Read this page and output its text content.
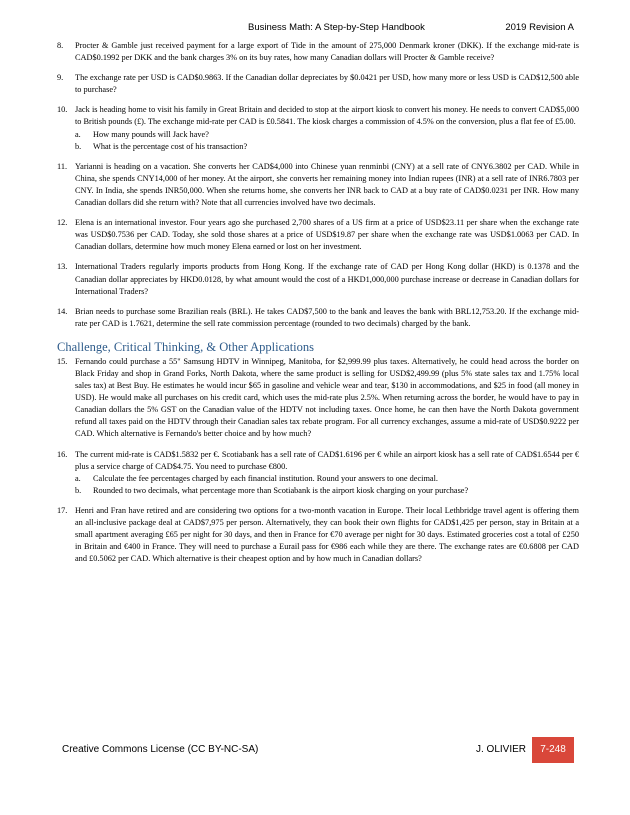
Business Math: A Step-by-Step Handbook	2019 Revision A
8.	Procter & Gamble just received payment for a large export of Tide in the amount of 275,000 Denmark kroner (DKK). If the exchange mid-rate is CAD$0.1992 per DKK and the bank charges 3% on its buy rates, how many Canadian dollars will Procter & Gamble receive?
9.	The exchange rate per USD is CAD$0.9863. If the Canadian dollar depreciates by $0.0421 per USD, how many more or less USD is CAD$12,500 able to purchase?
10. Jack is heading home to visit his family in Great Britain and decided to stop at the airport kiosk to convert his money. He needs to convert CAD$5,000 to British pounds (£). The exchange mid-rate per CAD is £0.5841. The kiosk charges a commission of 4.5% on the conversion, plus a flat fee of £5.00.
a.	How many pounds will Jack have?
b.	What is the percentage cost of his transaction?
11. Yarianni is heading on a vacation. She converts her CAD$4,000 into Chinese yuan renminbi (CNY) at a sell rate of CNY6.3802 per CAD. While in China, she spends CNY14,000 of her money. At the airport, she converts her remaining money into Indian rupees (INR) at a sell rate of INR6.7803 per CNY. In India, she spends INR50,000. When she returns home, she converts her INR back to CAD at a buy rate of CAD$0.0231 per INR. How many Canadian dollars did she return with? Note that all currencies involved have two decimals.
12. Elena is an international investor. Four years ago she purchased 2,700 shares of a US firm at a price of USD$23.11 per share when the exchange rate was USD$0.7536 per CAD. Today, she sold those shares at a price of USD$19.87 per share when the exchange rate was USD$1.0063 per CAD. In Canadian dollars, determine how much money Elena earned or lost on her investment.
13. International Traders regularly imports products from Hong Kong. If the exchange rate of CAD per Hong Kong dollar (HKD) is 0.1378 and the Canadian dollar appreciates by HKD0.0128, by what amount would the cost of a HKD1,000,000 purchase increase or decrease in Canadian dollars for International Traders?
14. Brian needs to purchase some Brazilian reals (BRL). He takes CAD$7,500 to the bank and leaves the bank with BRL12,753.20. If the exchange mid-rate per CAD is 1.7621, determine the sell rate commission percentage (rounded to two decimals) charged by the bank.
Challenge, Critical Thinking, & Other Applications
15. Fernando could purchase a 55" Samsung HDTV in Winnipeg, Manitoba, for $2,999.99 plus taxes. Alternatively, he could head across the border on Black Friday and shop in Grand Forks, North Dakota, where the same product is selling for USD$2,499.99 (plus 5% state sales tax and 1.75% local sales tax) at Best Buy. He estimates he would incur $65 in gasoline and vehicle wear and tear, $130 in accommodations, and $25 in food (all money in USD). He would make all purchases on his credit card, which uses the mid-rate plus 2.5%. When returning across the border, he would have to pay in Canadian dollars the 5% GST on the Canadian value of the HDTV not including taxes. Once home, he can then have the North Dakota government refund all taxes paid on the HDTV through their Canadian sales tax rebate program. For all currency exchanges, assume a mid-rate of USD$0.9222 per CAD. Which alternative is Fernando's better choice and by how much?
16. The current mid-rate is CAD$1.5832 per €. Scotiabank has a sell rate of CAD$1.6196 per € while an airport kiosk has a sell rate of CAD$1.6544 per € plus a service charge of CAD$4.75. You need to purchase €800.
a.	Calculate the fee percentages charged by each financial institution. Round your answers to one decimal.
b.	Rounded to two decimals, what percentage more than Scotiabank is the airport kiosk charging on your purchase?
17. Henri and Fran have retired and are considering two options for a two-month vacation in Europe. Their local Lethbridge travel agent is offering them an all-inclusive package deal at CAD$7,975 per person. Alternatively, they can book their own flights for CAD$1,425 per person, stay in Britain at a small apartment averaging £65 per night for 30 days, and then in France for €70 average per night for 30 days. Estimated groceries cost a total of £250 in Britain and €400 in France. They will need to purchase a Eurail pass for €986 each while they are there. The exchange rates are €0.6808 per CAD and £0.5062 per CAD. Which alternative is their cheapest option and by how much in Canadian dollars?
Creative Commons License (CC BY-NC-SA)	J. OLIVIER	7-248
